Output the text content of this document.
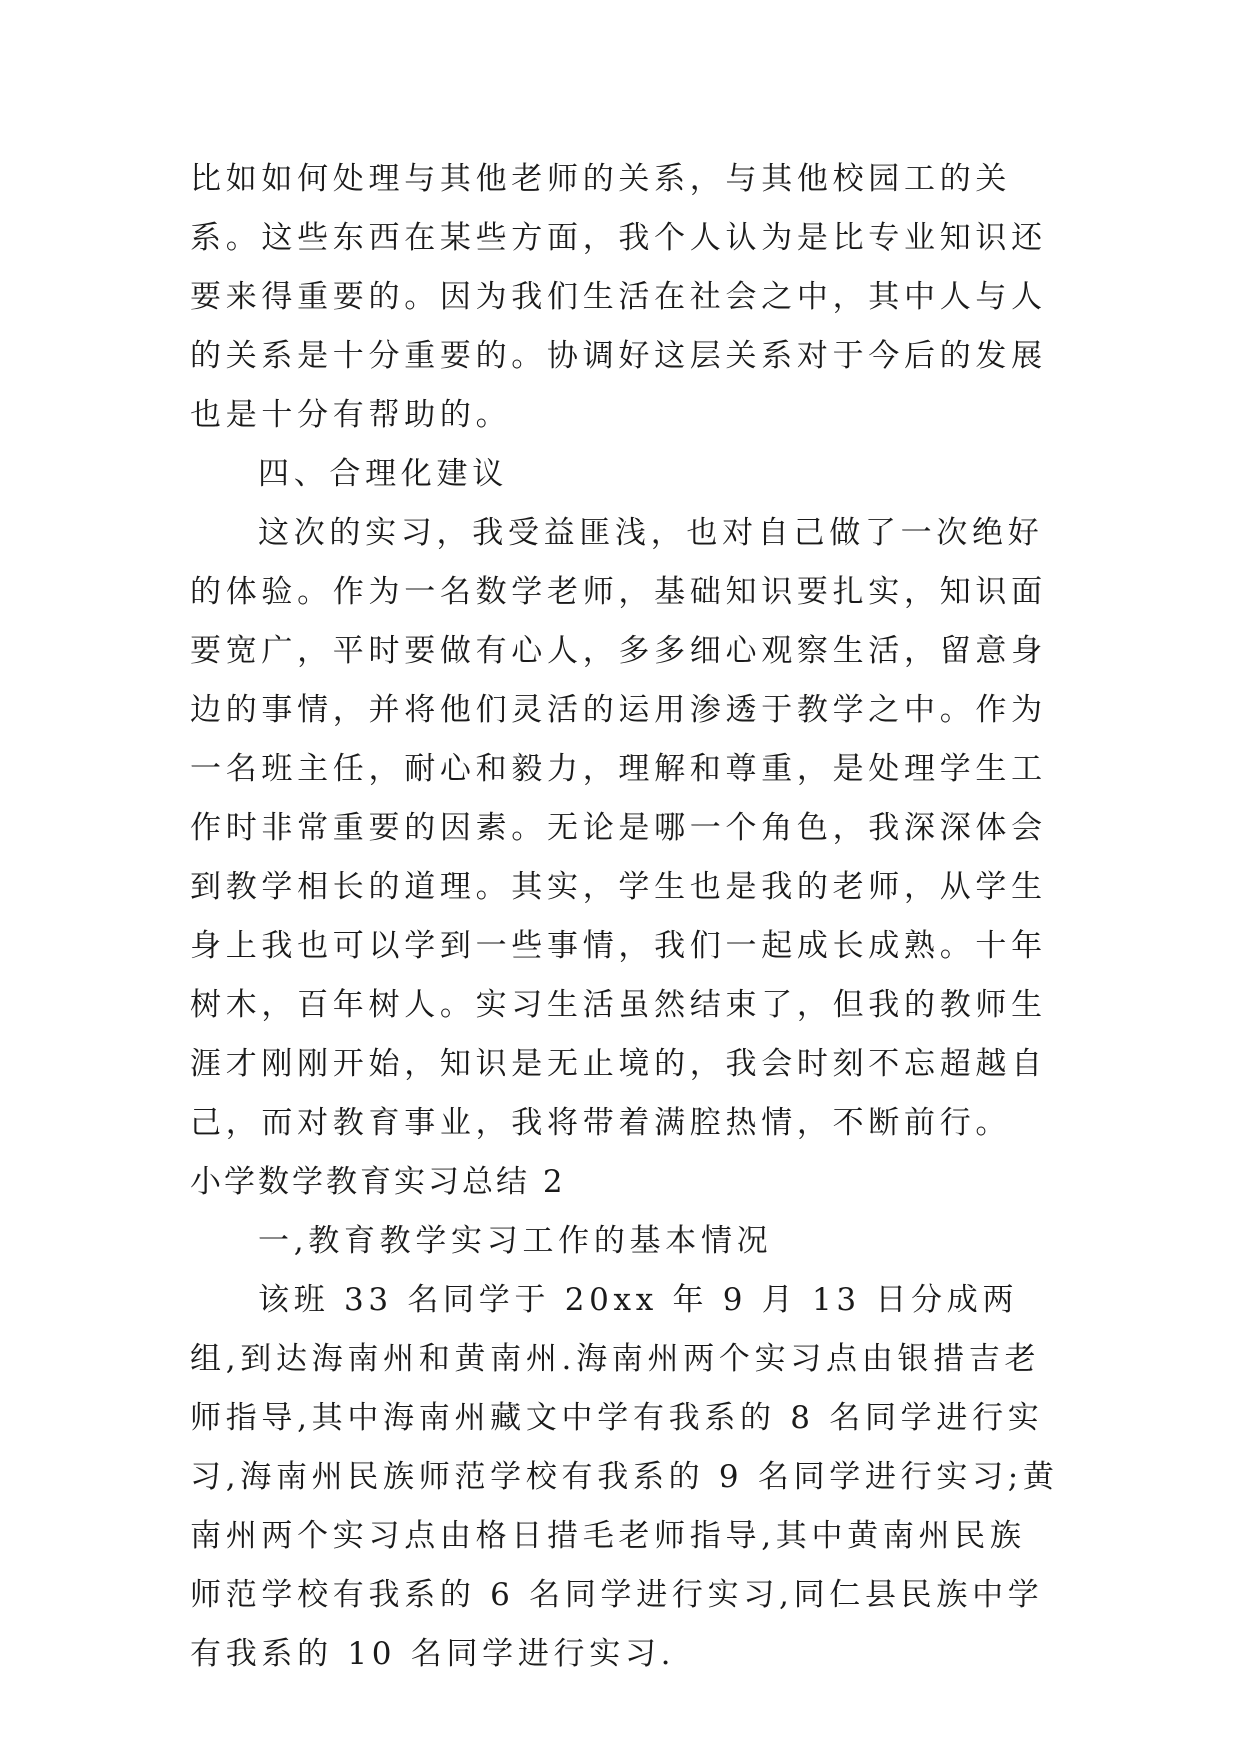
比如如何处理与其他老师的关系，与其他校园工的关系。这些东西在某些方面，我个人认为是比专业知识还要来得重要的。因为我们生活在社会之中，其中人与人的关系是十分重要的。协调好这层关系对于今后的发展也是十分有帮助的。

四、合理化建议

这次的实习，我受益匪浅，也对自己做了一次绝好的体验。作为一名数学老师，基础知识要扎实，知识面要宽广，平时要做有心人，多多细心观察生活，留意身边的事情，并将他们灵活的运用渗透于教学之中。作为一名班主任，耐心和毅力，理解和尊重，是处理学生工作时非常重要的因素。无论是哪一个角色，我深深体会到教学相长的道理。其实，学生也是我的老师，从学生身上我也可以学到一些事情，我们一起成长成熟。十年树木，百年树人。实习生活虽然结束了，但我的教师生涯才刚刚开始，知识是无止境的，我会时刻不忘超越自己，而对教育事业，我将带着满腔热情，不断前行。

小学数学教育实习总结 2

一,教育教学实习工作的基本情况

该班 33 名同学于 20xx 年 9 月 13 日分成两组,到达海南州和黄南州.海南州两个实习点由银措吉老师指导,其中海南州藏文中学有我系的 8 名同学进行实习,海南州民族师范学校有我系的 9 名同学进行实习;黄南州两个实习点由格日措毛老师指导,其中黄南州民族师范学校有我系的 6 名同学进行实习,同仁县民族中学有我系的 10 名同学进行实习.
